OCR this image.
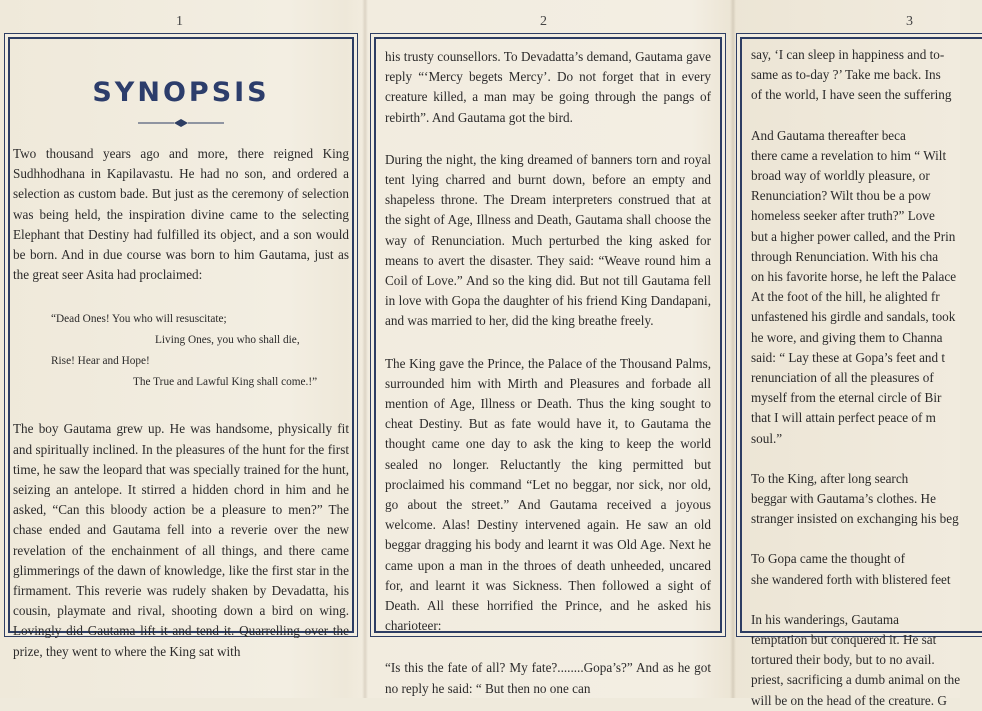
1	2	3
SYNOPSIS

Two thousand years ago and more, there reigned King Sudhhodhana in Kapilavastu. He had no son, and ordered a selection as custom bade. But just as the ceremony of selection was being held, the inspiration divine came to the selecting Elephant that Destiny had fulfilled its object, and a son would be born. And in due course was born to him Gautama, just as the great seer Asita had proclaimed:

“Dead Ones! You who will resuscitate;

Living Ones, you who shall die,

Rise! Hear and Hope!

The True and Lawful King shall come.!”

The boy Gautama grew up. He was handsome, physically fit and spiritually inclined. In the pleasures of the hunt for the first time, he saw the leopard that was specially trained for the hunt, seizing an antelope. It stirred a hidden chord in him and he asked, “Can this bloody action be a pleasure to men?” The chase ended and Gautama fell into a reverie over the new revelation of the enchainment of all things, and there came glimmerings of the dawn of knowledge, like the first star in the firmament. This reverie was rudely shaken by Devadatta, his cousin, playmate and rival, shooting down a bird on wing. Lovingly did Gautama lift it and tend it. Quarrelling over the prize, they went to where the King sat with

his trusty counsellors. To Devadatta’s demand, Gautama gave reply “‘Mercy begets Mercy’. Do not forget that in every creature killed, a man may be going through the pangs of rebirth”. And Gautama got the bird.

During the night, the king dreamed of banners torn and royal tent lying charred and burnt down, before an empty and shapeless throne. The Dream interpreters construed that at the sight of Age, Illness and Death, Gautama shall choose the way of Renunciation. Much perturbed the king asked for means to avert the disaster. They said: “Weave round him a Coil of Love.” And so the king did. But not till Gautama fell in love with Gopa the daughter of his friend King Dandapani, and was married to her, did the king breathe freely.

The King gave the Prince, the Palace of the Thousand Palms, surrounded him with Mirth and Pleasures and forbade all mention of Age, Illness or Death. Thus the king sought to cheat Destiny. But as fate would have it, to Gautama the thought came one day to ask the king to keep the world sealed no longer. Reluctantly the king permitted but proclaimed his command “Let no beggar, nor sick, nor old, go about the street.” And Gautama received a joyous welcome. Alas! Destiny intervened again. He saw an old beggar dragging his body and learnt it was Old Age. Next he came upon a man in the throes of death unheeded, uncared for, and learnt it was Sickness. Then followed a sight of Death. All these horrified the Prince, and he asked his charioteer:

“Is this the fate of all? My fate?........Gopa’s?” And as he got no reply he said: “ But then no one can

say, ‘I can sleep in happiness and to-
same as to-day ?’ Take me back. Ins
of the world, I have seen the suffering
And Gautama thereafter beca
there came a revelation to him “ Wilt
broad way of worldly pleasure, or
Renunciation? Wilt thou be a pow
homeless seeker after truth?” Love
but a higher power called, and the Prin
through Renunciation. With his cha
on his favorite horse, he left the Palace
At the foot of the hill, he alighted fr
unfastened his girdle and sandals, took
he wore, and giving them to Channa
said: “ Lay these at Gopa’s feet and t
renunciation of all the pleasures of
myself from the eternal circle of Bir
that I will attain perfect peace of m
soul.”
To the King, after long search
beggar with Gautama’s clothes. He
stranger insisted on exchanging his beg
To Gopa came the thought of
she wandered forth with blistered feet
In his wanderings, Gautama
temptation but conquered it. He sat
tortured their body, but to no avail.
priest, sacrificing a dumb animal on the
will be on the head of the creature. G
